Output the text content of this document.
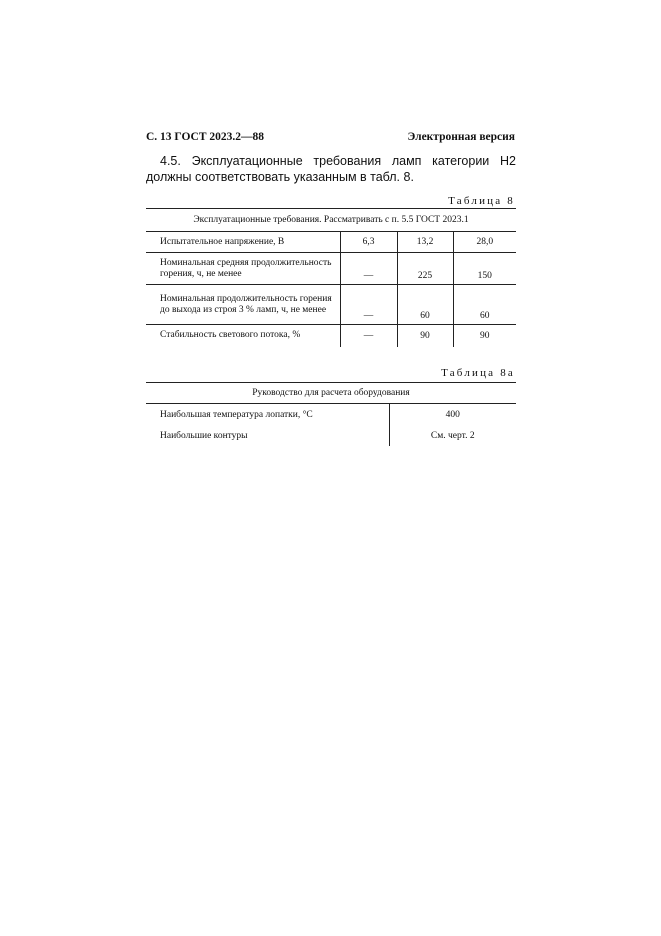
С. 13 ГОСТ 2023.2—88	Электронная версия
4.5. Эксплуатационные требования ламп категории Н2 должны соответствовать указанным в табл. 8.
Таблица 8
Эксплуатационные требования. Рассматривать с п. 5.5 ГОСТ 2023.1			
Испытательное напряжение, В	6,3	13,2	28,0
Номинальная средняя продолжительность горения, ч, не менее	—	225	150
Номинальная продолжительность горения до выхода из строя 3 % ламп, ч, не менее	—	60	60
Стабильность светового потока, %	—	90	90
Таблица 8а
Руководство для расчета оборудования	
Наибольшая температура лопатки, °С	400
Наибольшие контуры	См. черт. 2
